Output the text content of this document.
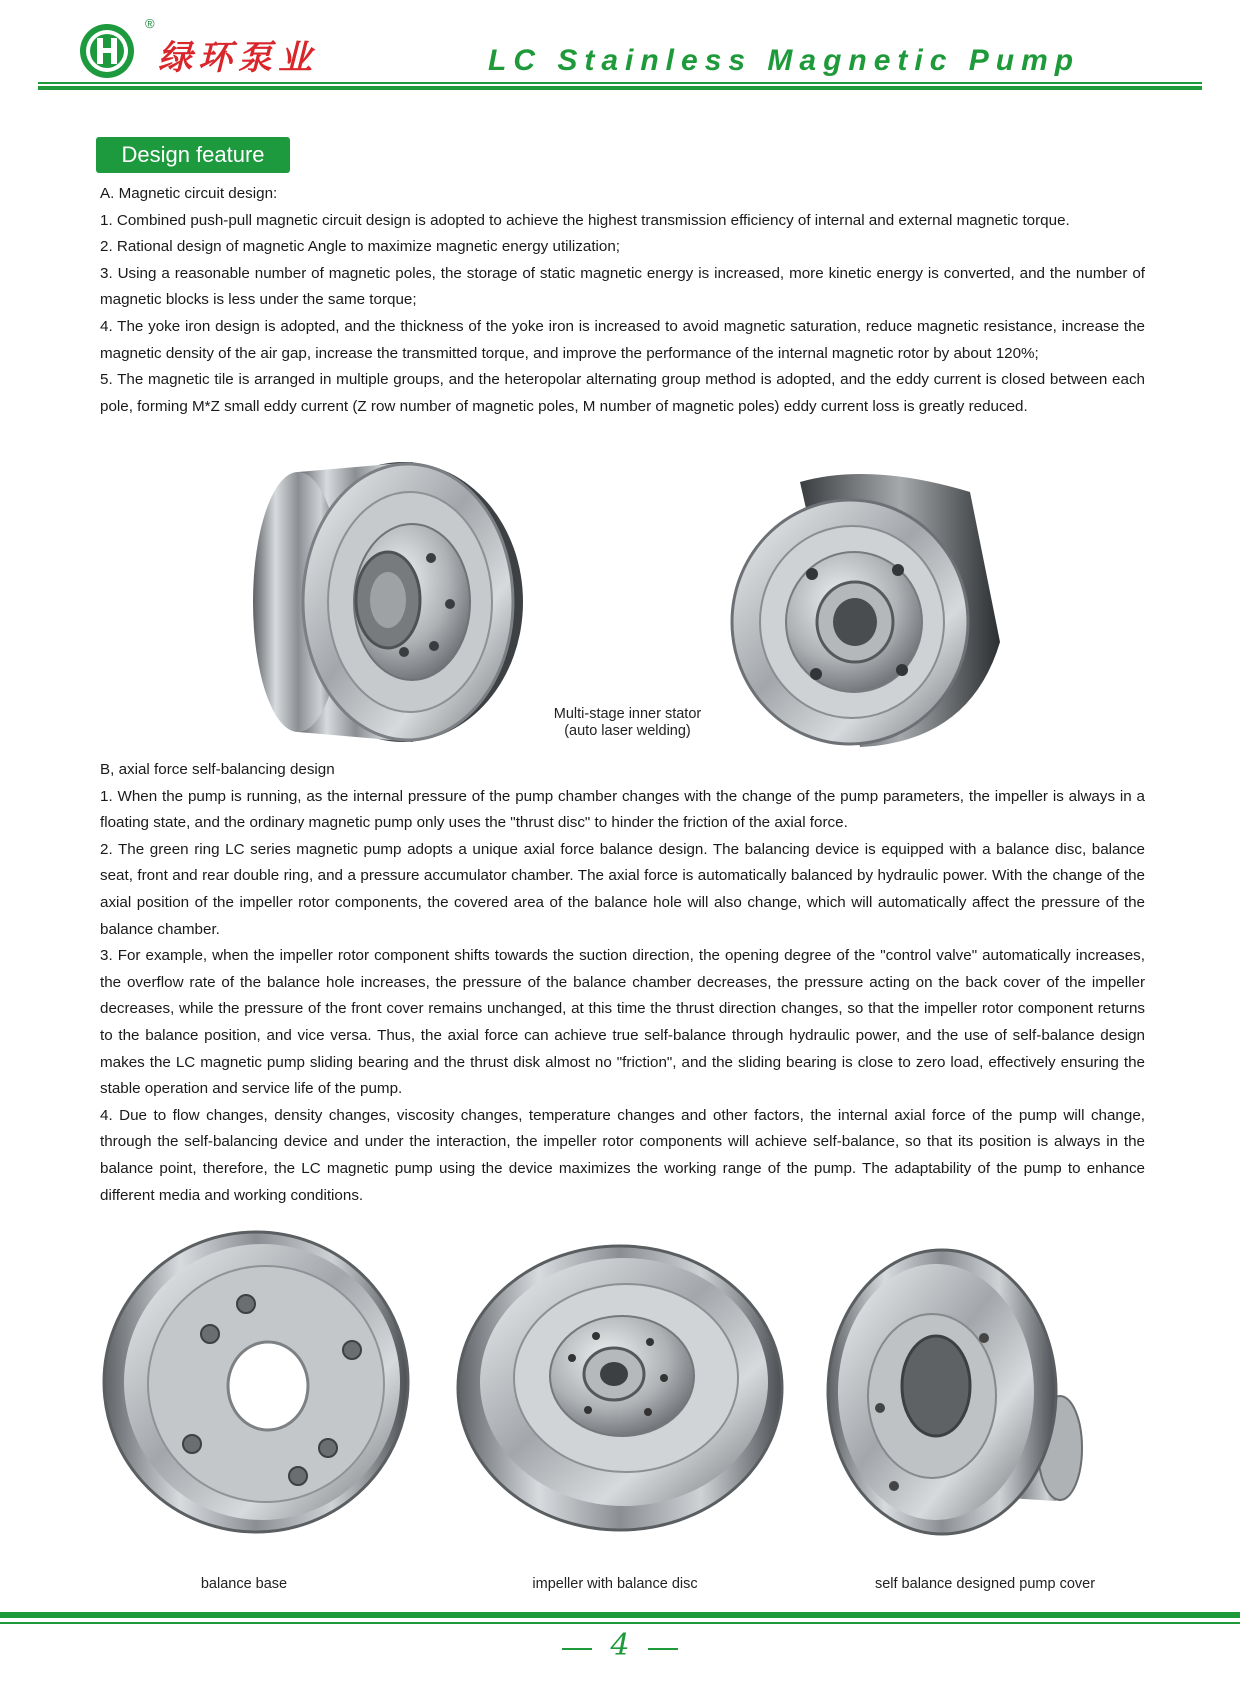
®
绿环泵业	LC Stainless Magnetic Pump
Design feature

A. Magnetic circuit design:

1. Combined push-pull magnetic circuit design is adopted to achieve the highest transmission efficiency of internal and external magnetic torque.

2. Rational design of magnetic Angle to maximize magnetic energy utilization;

3. Using a reasonable number of magnetic poles, the storage of static magnetic energy is increased, more kinetic energy is converted, and the number of magnetic blocks is less under the same torque;

4. The yoke iron design is adopted, and the thickness of the yoke iron is increased to avoid magnetic saturation, reduce magnetic resistance, increase the magnetic density of the air gap, increase the transmitted torque, and improve the performance of the internal magnetic rotor by about 120%;

5. The magnetic tile is arranged in multiple groups, and the heteropolar alternating group method is adopted, and the eddy current is closed between each pole, forming M*Z small eddy current (Z row number of magnetic poles, M number of magnetic poles) eddy current loss is greatly reduced.

Multi-stage inner stator
(auto laser welding)

B, axial force self-balancing design

1. When the pump is running, as the internal pressure of the pump chamber changes with the change of the pump parameters, the impeller is always in a floating state, and the ordinary magnetic pump only uses the "thrust disc" to hinder the friction of the axial force.

2. The green ring LC series magnetic pump adopts a unique axial force balance design. The balancing device is equipped with a balance disc, balance seat, front and rear double ring, and a pressure accumulator chamber. The axial force is automatically balanced by hydraulic power. With the change of the axial position of the impeller rotor components, the covered area of the balance hole will also change, which will automatically affect the pressure of the balance chamber.

3. For example, when the impeller rotor component shifts towards the suction direction, the opening degree of the "control valve" automatically increases, the overflow rate of the balance hole increases, the pressure of the balance chamber decreases, the pressure acting on the back cover of the impeller decreases, while the pressure of the front cover remains unchanged, at this time the thrust direction changes, so that the impeller rotor component returns to the balance position, and vice versa. Thus, the axial force can achieve true self-balance through hydraulic power, and the use of self-balance design makes the LC magnetic pump sliding bearing and the thrust disk almost no "friction", and the sliding bearing is close to zero load, effectively ensuring the stable operation and service life of the pump.

4. Due to flow changes, density changes, viscosity changes, temperature changes and other factors, the internal axial force of the pump will change, through the self-balancing device and under the interaction, the impeller rotor components will achieve self-balance, so that its position is always in the balance point, therefore, the LC magnetic pump using the device maximizes the working range of the pump. The adaptability of the pump to enhance different media and working conditions.

balance base	impeller with balance disc	self balance designed pump cover
4
